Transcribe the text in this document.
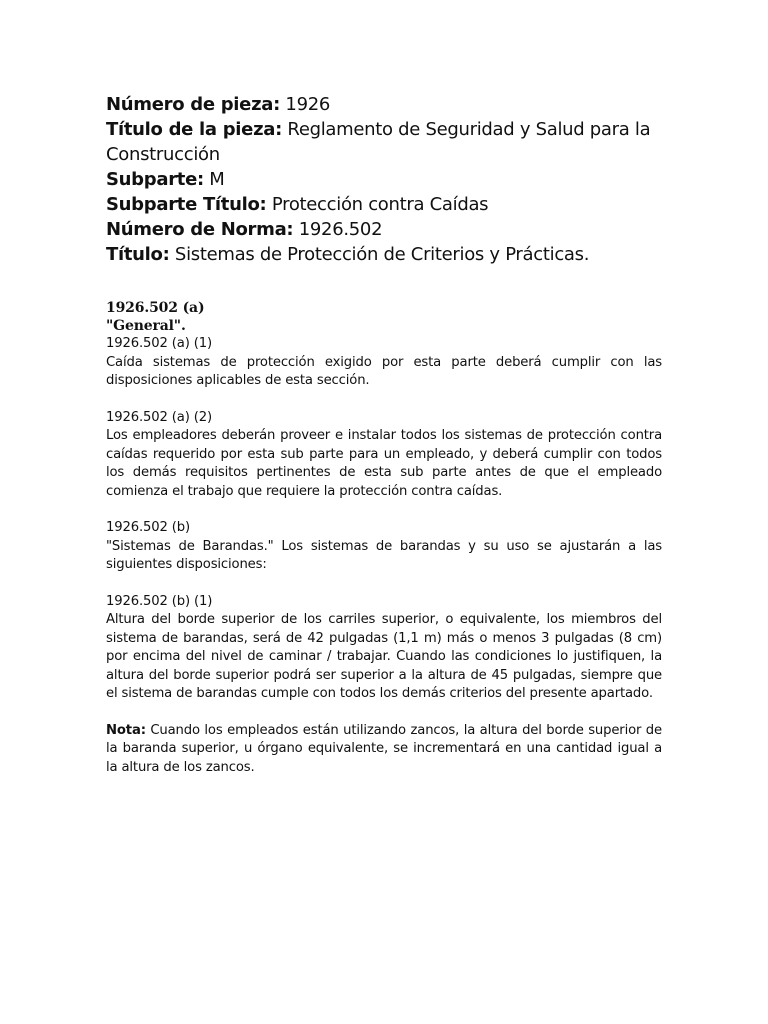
Número de pieza: 1926

Título de la pieza: Reglamento de Seguridad y Salud para la Construcción

Subparte: M

Subparte Título: Protección contra Caídas

Número de Norma: 1926.502

Título: Sistemas de Protección de Criterios y Prácticas.

1926.502 (a)

"General".

1926.502 (a) (1)

Caída sistemas de protección exigido por esta parte deberá cumplir con las disposiciones aplicables de esta sección.

1926.502 (a) (2)

Los empleadores deberán proveer e instalar todos los sistemas de protección contra caídas requerido por esta sub parte para un empleado, y deberá cumplir con todos los demás requisitos pertinentes de esta sub parte antes de que el empleado comienza el trabajo que requiere la protección contra caídas.

1926.502 (b)

"Sistemas de Barandas." Los sistemas de barandas y su uso se ajustarán a las siguientes disposiciones:

1926.502 (b) (1)

Altura del borde superior de los carriles superior, o equivalente, los miembros del sistema de barandas, será de 42 pulgadas (1,1 m) más o menos 3 pulgadas (8 cm) por encima del nivel de caminar / trabajar. Cuando las condiciones lo justifiquen, la altura del borde superior podrá ser superior a la altura de 45 pulgadas, siempre que el sistema de barandas cumple con todos los demás criterios del presente apartado.

Nota: Cuando los empleados están utilizando zancos, la altura del borde superior de la baranda superior, u órgano equivalente, se incrementará en una cantidad igual a la altura de los zancos.
